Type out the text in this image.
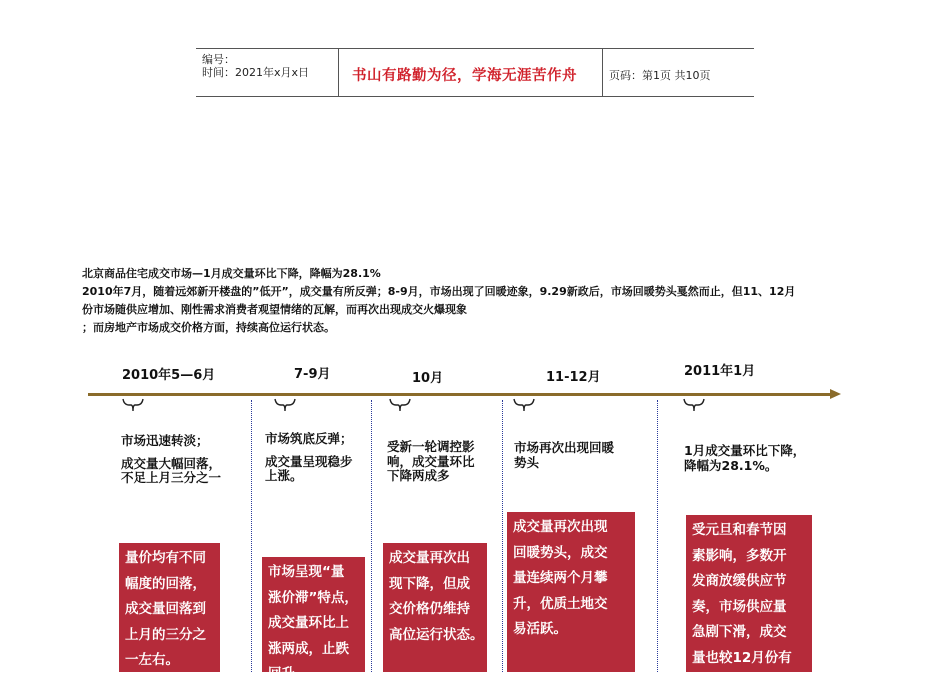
编号：
时间：2021年x月x日	书山有路勤为径，学海无涯苦作舟	页码：第1页 共10页
北京商品住宅成交市场—1月成交量环比下降，降幅为28.1%
2010年7月，随着远郊新开楼盘的”低开”，成交量有所反弹；8-9月，市场出现了回暖迹象，9.29新政后，市场回暖势头戛然而止，但11、12月
份市场随供应增加、刚性需求消费者观望情绪的瓦解，而再次出现成交火爆现象
；而房地产市场成交价格方面，持续高位运行状态。
2010年5—6月	7-9月	10月	11-12月	2011年1月
市场迅速转淡；
成交量大幅回落，
不足上月三分之一
市场筑底反弹；
成交量呈现稳步
上涨。
受新一轮调控影
响，成交量环比
下降两成多
市场再次出现回暖
势头
1月成交量环比下降，
降幅为28.1%。
量价均有不同
幅度的回落，
成交量回落到
上月的三分之
一左右。
市场呈现“量
涨价滞”特点，
成交量环比上
涨两成，止跌
回升。
成交量再次出
现下降，但成
交价格仍维持
高位运行状态。
成交量再次出现
回暖势头，成交
量连续两个月攀
升，优质土地交
易活跃。
受元旦和春节因
素影响，多数开
发商放缓供应节
奏，市场供应量
急剧下滑，成交
量也较12月份有
